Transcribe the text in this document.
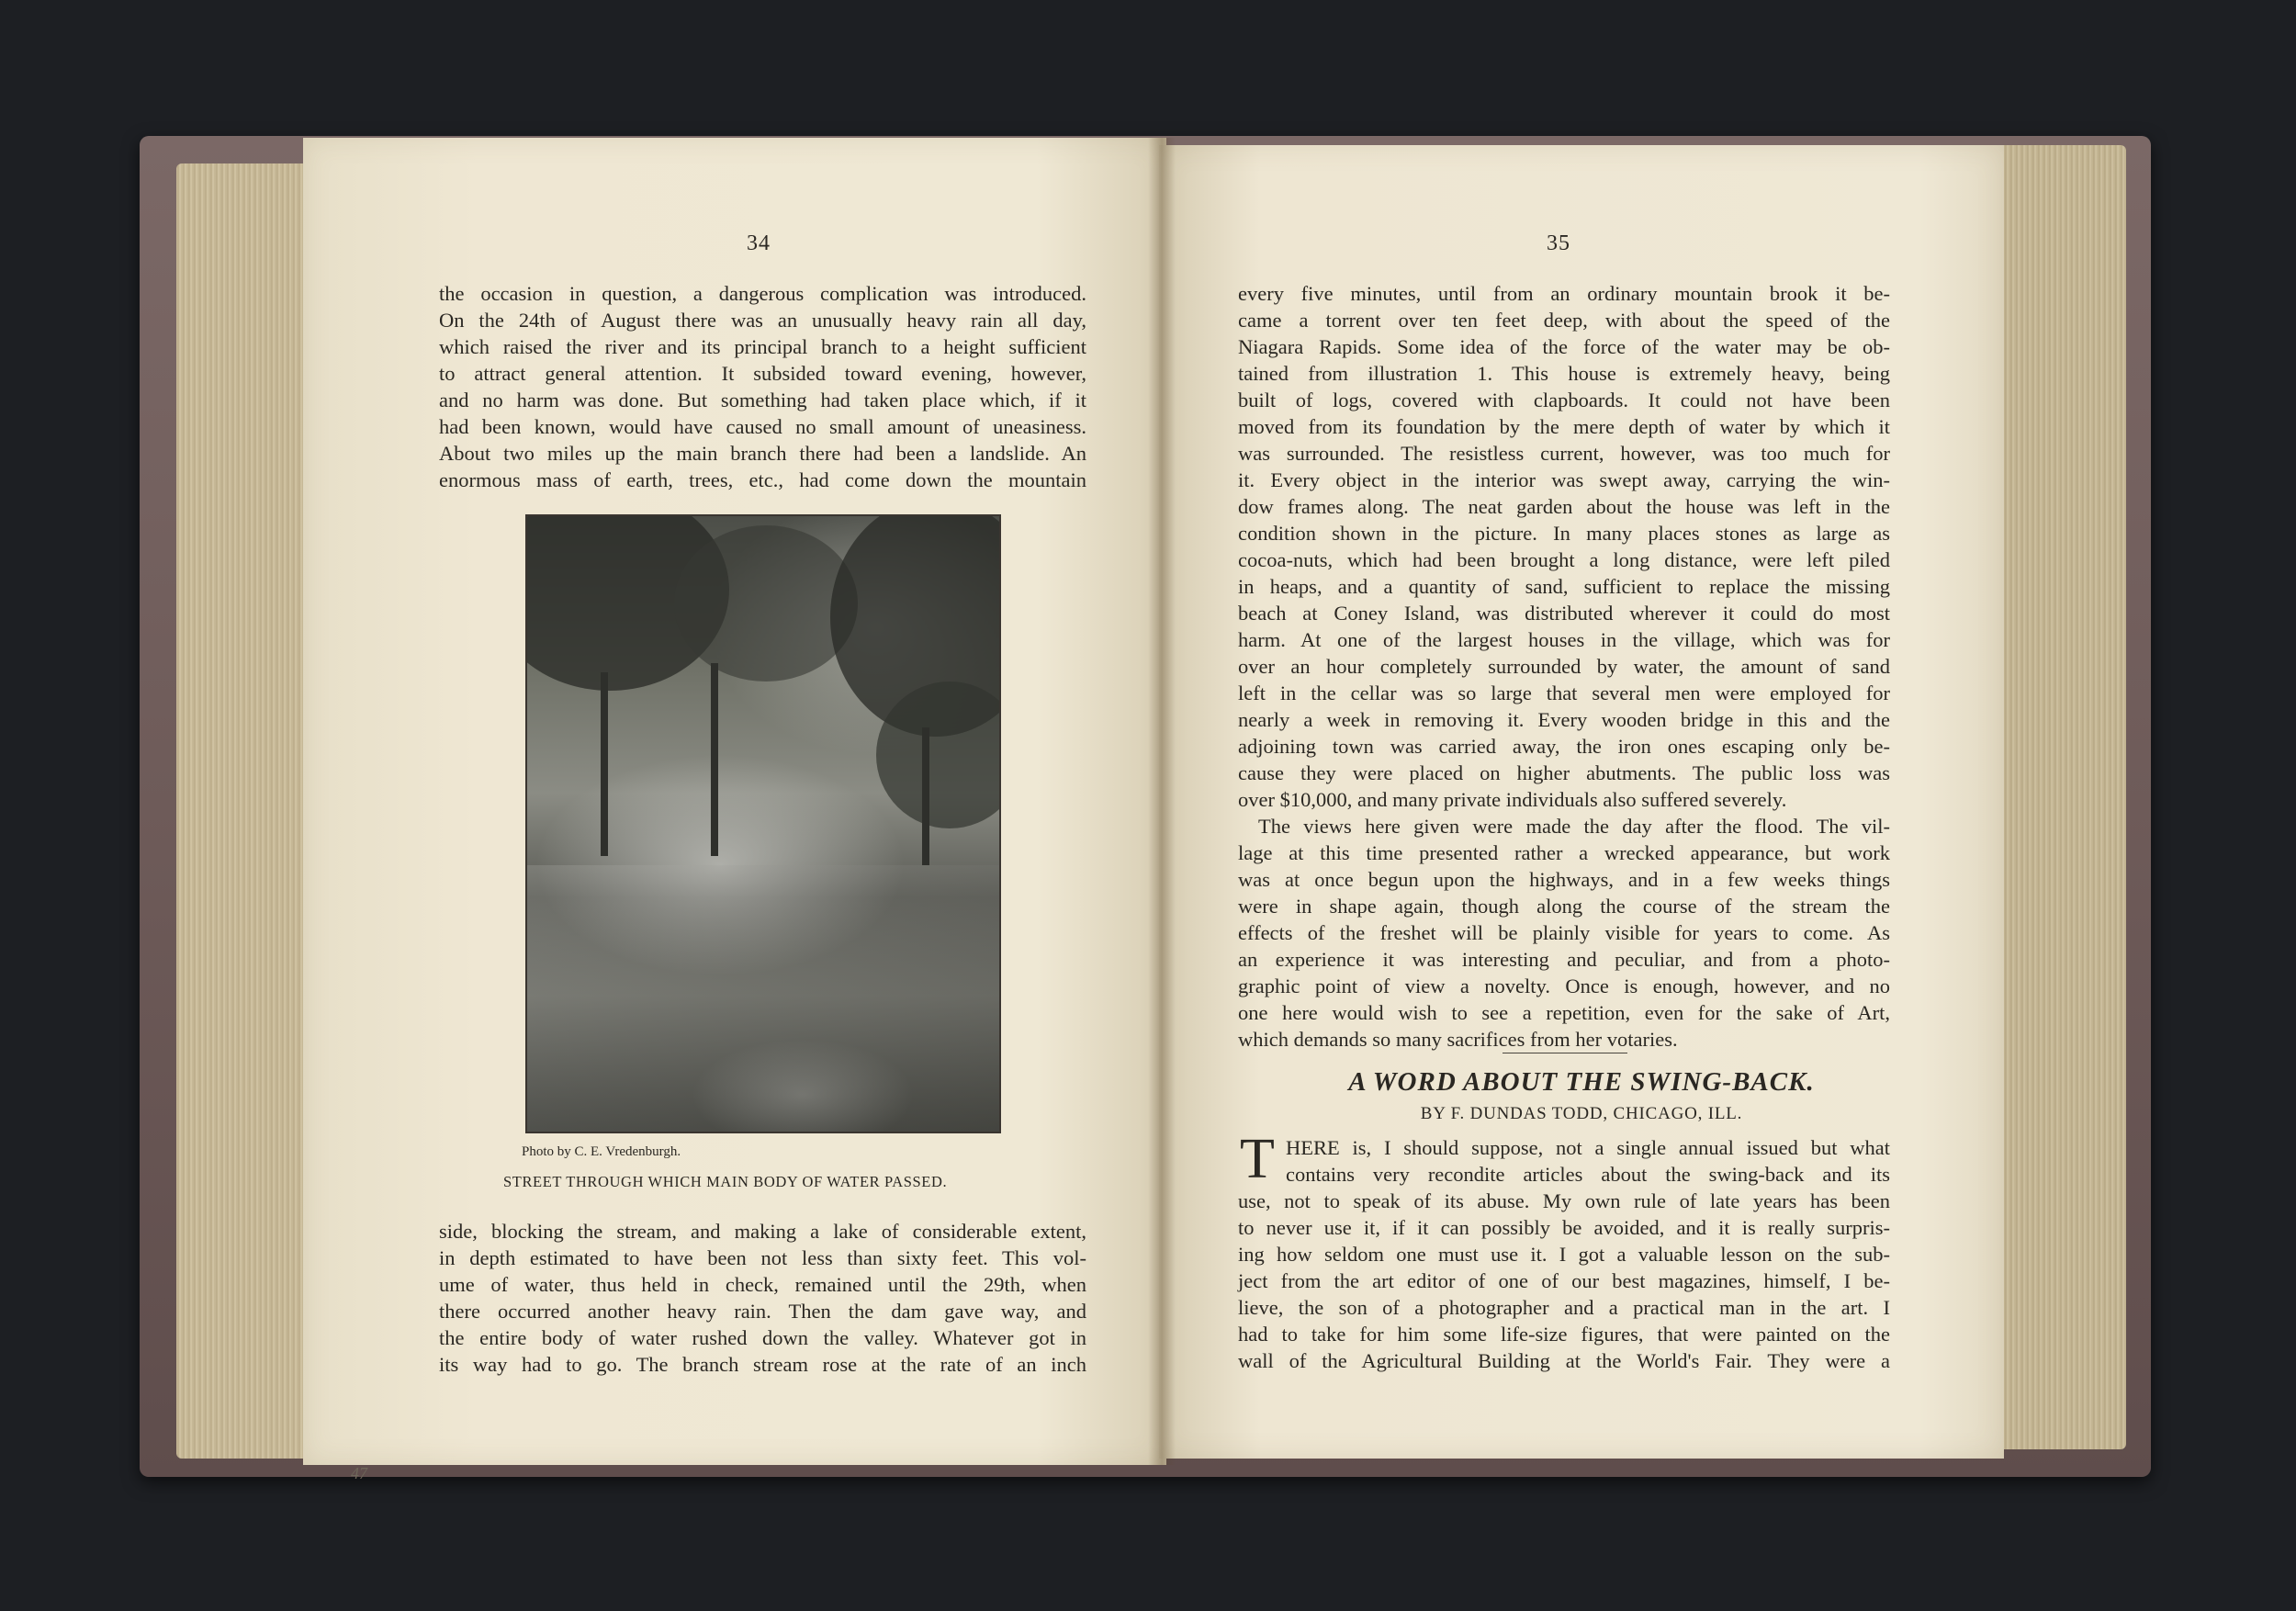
34
the occasion in question, a dangerous complication was introduced.
On the 24th of August there was an unusually heavy rain all day,
which raised the river and its principal branch to a height sufficient
to attract general attention. It subsided toward evening, however,
and no harm was done. But something had taken place which, if it
had been known, would have caused no small amount of uneasiness.
About two miles up the main branch there had been a landslide. An
enormous mass of earth, trees, etc., had come down the mountain
Photo by C. E. Vredenburgh.
STREET THROUGH WHICH MAIN BODY OF WATER PASSED.
side, blocking the stream, and making a lake of considerable extent,
in depth estimated to have been not less than sixty feet. This vol-
ume of water, thus held in check, remained until the 29th, when
there occurred another heavy rain. Then the dam gave way, and
the entire body of water rushed down the valley. Whatever got in
its way had to go. The branch stream rose at the rate of an inch
47
35
every five minutes, until from an ordinary mountain brook it be-
came a torrent over ten feet deep, with about the speed of the
Niagara Rapids. Some idea of the force of the water may be ob-
tained from illustration 1. This house is extremely heavy, being
built of logs, covered with clapboards. It could not have been
moved from its foundation by the mere depth of water by which it
was surrounded. The resistless current, however, was too much for
it. Every object in the interior was swept away, carrying the win-
dow frames along. The neat garden about the house was left in the
condition shown in the picture. In many places stones as large as
cocoa-nuts, which had been brought a long distance, were left piled
in heaps, and a quantity of sand, sufficient to replace the missing
beach at Coney Island, was distributed wherever it could do most
harm. At one of the largest houses in the village, which was for
over an hour completely surrounded by water, the amount of sand
left in the cellar was so large that several men were employed for
nearly a week in removing it. Every wooden bridge in this and the
adjoining town was carried away, the iron ones escaping only be-
cause they were placed on higher abutments. The public loss was
over $10,000, and many private individuals also suffered severely.
The views here given were made the day after the flood. The vil-
lage at this time presented rather a wrecked appearance, but work
was at once begun upon the highways, and in a few weeks things
were in shape again, though along the course of the stream the
effects of the freshet will be plainly visible for years to come. As
an experience it was interesting and peculiar, and from a photo-
graphic point of view a novelty. Once is enough, however, and no
one here would wish to see a repetition, even for the sake of Art,
which demands so many sacrifices from her votaries.
A WORD ABOUT THE SWING-BACK.
BY F. DUNDAS TODD, CHICAGO, ILL.
T HERE is, I should suppose, not a single annual issued but what
contains very recondite articles about the swing-back and its
use, not to speak of its abuse. My own rule of late years has been
to never use it, if it can possibly be avoided, and it is really surpris-
ing how seldom one must use it. I got a valuable lesson on the sub-
ject from the art editor of one of our best magazines, himself, I be-
lieve, the son of a photographer and a practical man in the art. I
had to take for him some life-size figures, that were painted on the
wall of the Agricultural Building at the World's Fair. They were a
